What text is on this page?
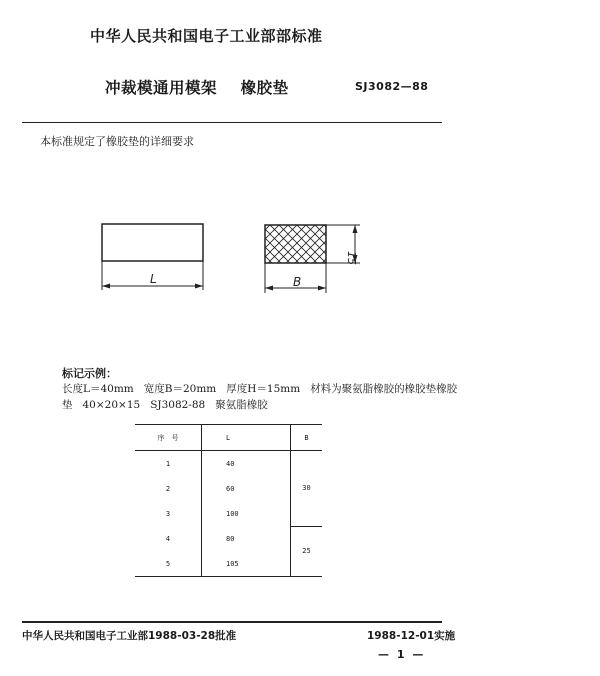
中华人民共和国电子工业部部标准
冲裁模通用模架    橡胶垫	SJ3082—88
本标准规定了橡胶垫的详细要求
L	B
15
标记示例：
长度L＝40mm 宽度B＝20mm 厚度H＝15mm 材料为聚氨脂橡胶的橡胶垫橡胶
垫 40×20×15 SJ3082-88 聚氨脂橡胶
序　号	L	B
1	40	30
2	60	
3	100	
4	80	25
5	105	
中华人民共和国电子工业部1988-03-28批准	1988-12-01实施
— 1 —
